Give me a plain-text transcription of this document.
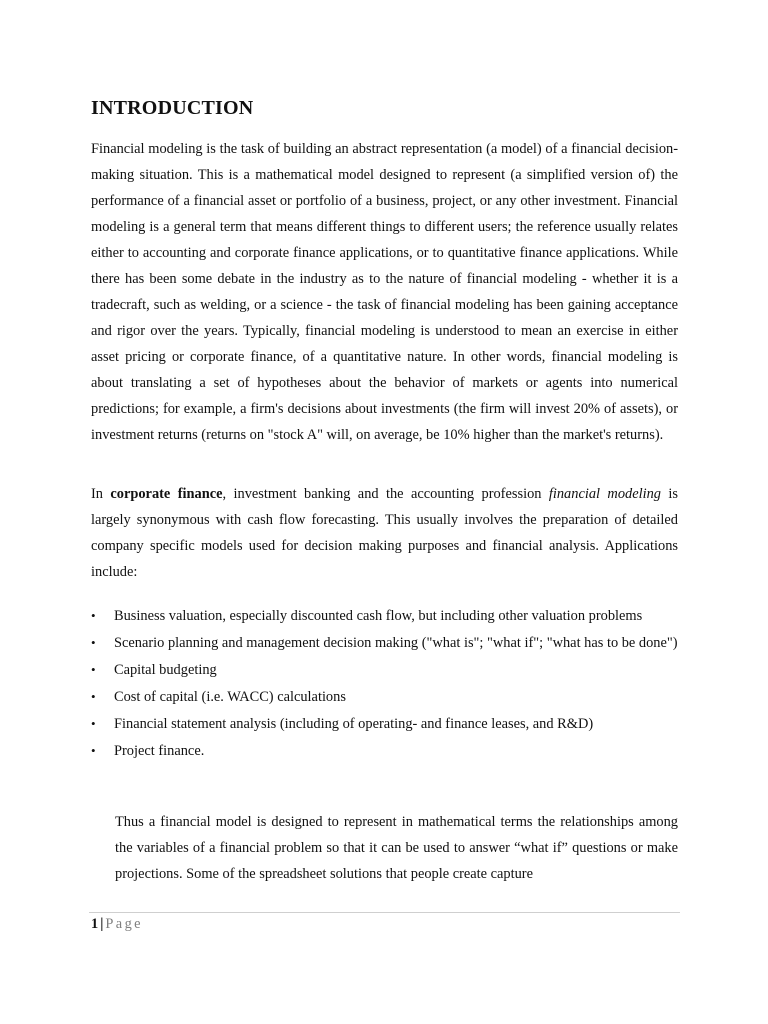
INTRODUCTION

Financial modeling is the task of building an abstract representation (a model) of a financial decision-making situation. This is a mathematical model designed to represent (a simplified version of) the performance of a financial asset or portfolio of a business, project, or any other investment. Financial modeling is a general term that means different things to different users; the reference usually relates either to accounting and corporate finance applications, or to quantitative finance applications. While there has been some debate in the industry as to the nature of financial modeling - whether it is a tradecraft, such as welding, or a science - the task of financial modeling has been gaining acceptance and rigor over the years. Typically, financial modeling is understood to mean an exercise in either asset pricing or corporate finance, of a quantitative nature. In other words, financial modeling is about translating a set of hypotheses about the behavior of markets or agents into numerical predictions; for example, a firm's decisions about investments (the firm will invest 20% of assets), or investment returns (returns on "stock A" will, on average, be 10% higher than the market's returns).

In corporate finance, investment banking and the accounting profession financial modeling is largely synonymous with cash flow forecasting. This usually involves the preparation of detailed company specific models used for decision making purposes and financial analysis. Applications include:

• Business valuation, especially discounted cash flow, but including other valuation problems
• Scenario planning and management decision making ("what is"; "what if"; "what has to be done")
• Capital budgeting
• Cost of capital (i.e. WACC) calculations
• Financial statement analysis (including of operating- and finance leases, and R&D)
• Project finance.

Thus a financial model is designed to represent in mathematical terms the relationships among the variables of a financial problem so that it can be used to answer “what if” questions or make projections. Some of the spreadsheet solutions that people create capture

1 | Page
